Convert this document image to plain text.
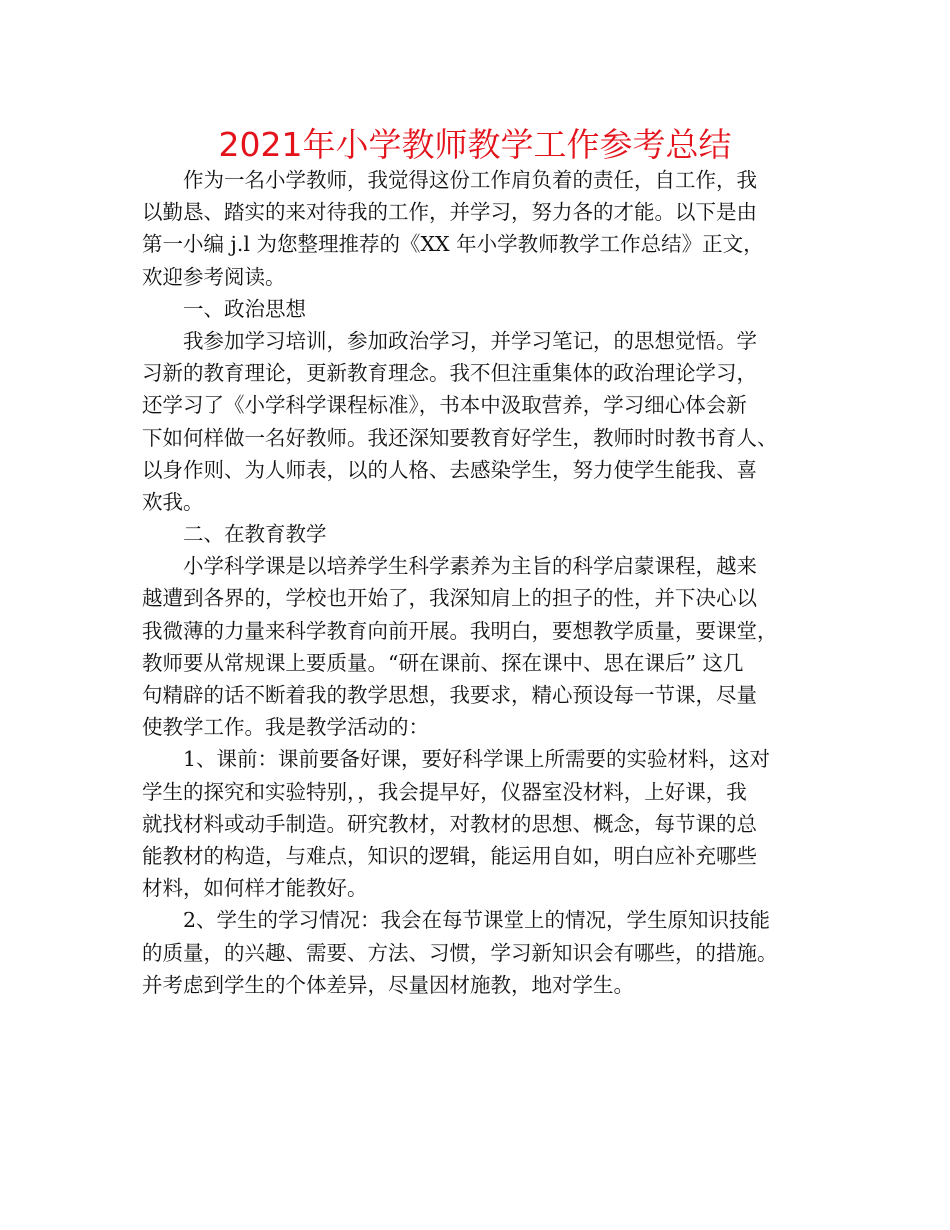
2021年小学教师教学工作参考总结
作为一名小学教师，我觉得这份工作肩负着的责任，自工作，我
以勤恳、踏实的来对待我的工作，并学习，努力各的才能。以下是由
第一小编 j.l 为您整理推荐的《XX 年小学教师教学工作总结》正文，
欢迎参考阅读。
一、政治思想
我参加学习培训，参加政治学习，并学习笔记，的思想觉悟。学
习新的教育理论，更新教育理念。我不但注重集体的政治理论学习，
还学习了《小学科学课程标准》，书本中汲取营养，学习细心体会新
下如何样做一名好教师。我还深知要教育好学生，教师时时教书育人、
以身作则、为人师表，以的人格、去感染学生，努力使学生能我、喜
欢我。
二、在教育教学
小学科学课是以培养学生科学素养为主旨的科学启蒙课程，越来
越遭到各界的，学校也开始了，我深知肩上的担子的性，并下决心以
我微薄的力量来科学教育向前开展。我明白，要想教学质量，要课堂，
教师要从常规课上要质量。“研在课前、探在课中、思在课后” 这几
句精辟的话不断着我的教学思想，我要求，精心预设每一节课，尽量
使教学工作。我是教学活动的：
1、课前：课前要备好课，要好科学课上所需要的实验材料，这对
学生的探究和实验特别，，我会提早好，仪器室没材料，上好课，我
就找材料或动手制造。研究教材，对教材的思想、概念，每节课的总
能教材的构造，与难点，知识的逻辑，能运用自如，明白应补充哪些
材料，如何样才能教好。
2、学生的学习情况：我会在每节课堂上的情况，学生原知识技能
的质量，的兴趣、需要、方法、习惯，学习新知识会有哪些，的措施。
并考虑到学生的个体差异，尽量因材施教，地对学生。
